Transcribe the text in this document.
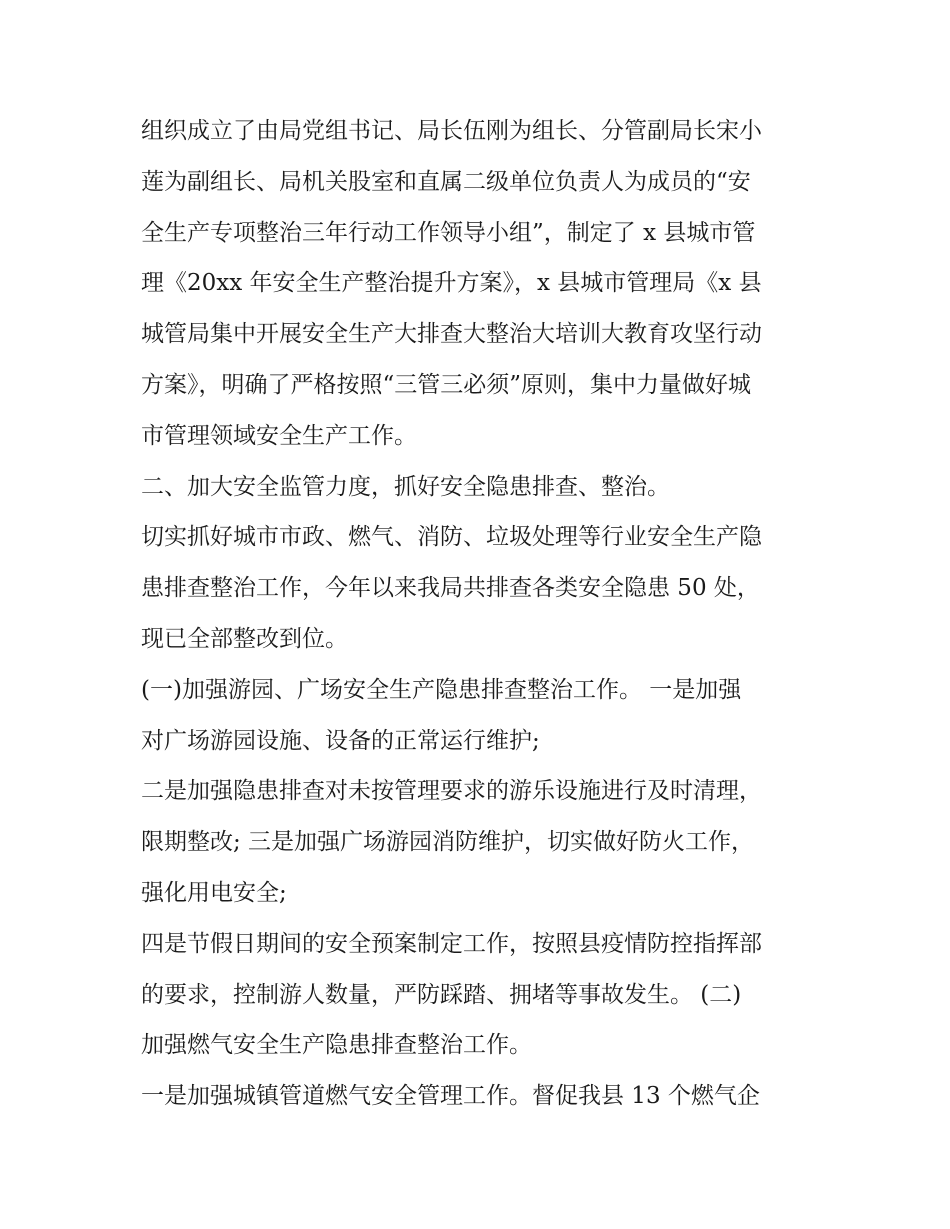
组织成立了由局党组书记、局长伍刚为组长、分管副局长宋小
莲为副组长、局机关股室和直属二级单位负责人为成员的“安
全生产专项整治三年行动工作领导小组”，制定了 x 县城市管
理《20xx 年安全生产整治提升方案》，x 县城市管理局《x 县
城管局集中开展安全生产大排查大整治大培训大教育攻坚行动
方案》，明确了严格按照“三管三必须”原则，集中力量做好城
市管理领域安全生产工作。
二、加大安全监管力度，抓好安全隐患排查、整治。
切实抓好城市市政、燃气、消防、垃圾处理等行业安全生产隐
患排查整治工作，今年以来我局共排查各类安全隐患 50 处，
现已全部整改到位。
(一)加强游园、广场安全生产隐患排查整治工作。 一是加强
对广场游园设施、设备的正常运行维护;
二是加强隐患排查对未按管理要求的游乐设施进行及时清理，
限期整改; 三是加强广场游园消防维护，切实做好防火工作，
强化用电安全;
四是节假日期间的安全预案制定工作，按照县疫情防控指挥部
的要求，控制游人数量，严防踩踏、拥堵等事故发生。 (二)
加强燃气安全生产隐患排查整治工作。
一是加强城镇管道燃气安全管理工作。督促我县 13 个燃气企
